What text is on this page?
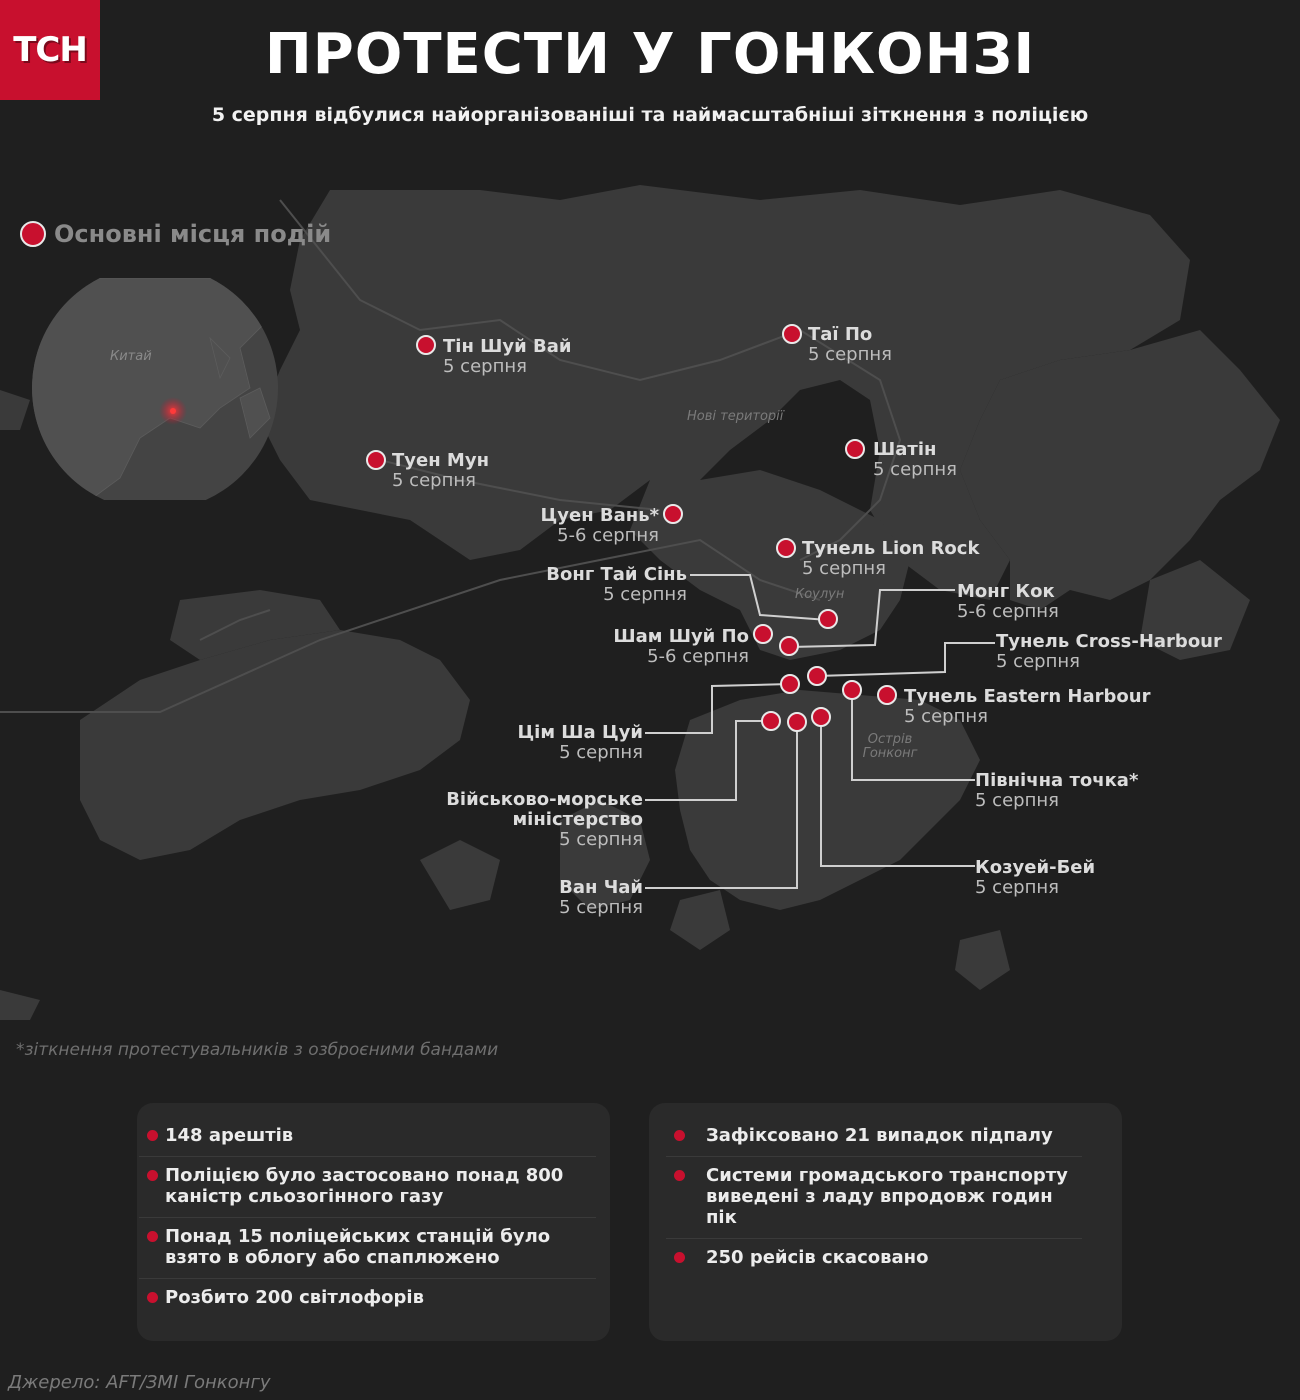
ТСН	ПРОТЕСТИ У ГОНКОНЗІ
5 серпня відбулися найорганізованіші та наймасштабніші зіткнення з поліцією
Нові території
Коулун
Острів Гонконг
Основні місця подій
Китай	Тін Шуй Вай
5 серпня
Таї По
5 серпня
Туен Мун
5 серпня
Шатін
5 серпня
Цуен Вань*
5-6 серпня
Тунель Lion Rock
5 серпня
Вонг Тай Сінь
5 серпня	Монг Кок
5-6 серпня
Шам Шуй По
5-6 серпня
Тунель Cross-Harbour
5 серпня
Тунель Eastern Harbour
5 серпня
Цім Ша Цуй
5 серпня
Північна точка*
5 серпня
Військово-морське міністерство
5 серпня
Козуей-Бей
5 серпня
Ван Чай
5 серпня
*зіткнення протестувальників з озброєними бандами
148 арештів
Поліцією було застосовано понад 800 каністр сльозогінного газу
Понад 15 поліцейських станцій було взято в облогу або спаплюжено
Розбито 200 світлофорів
Зафіксовано 21 випадок підпалу
Системи громадського транспорту виведені з ладу впродовж годин пік
250 рейсів скасовано
Джерело: AFT/ЗМІ Гонконгу
